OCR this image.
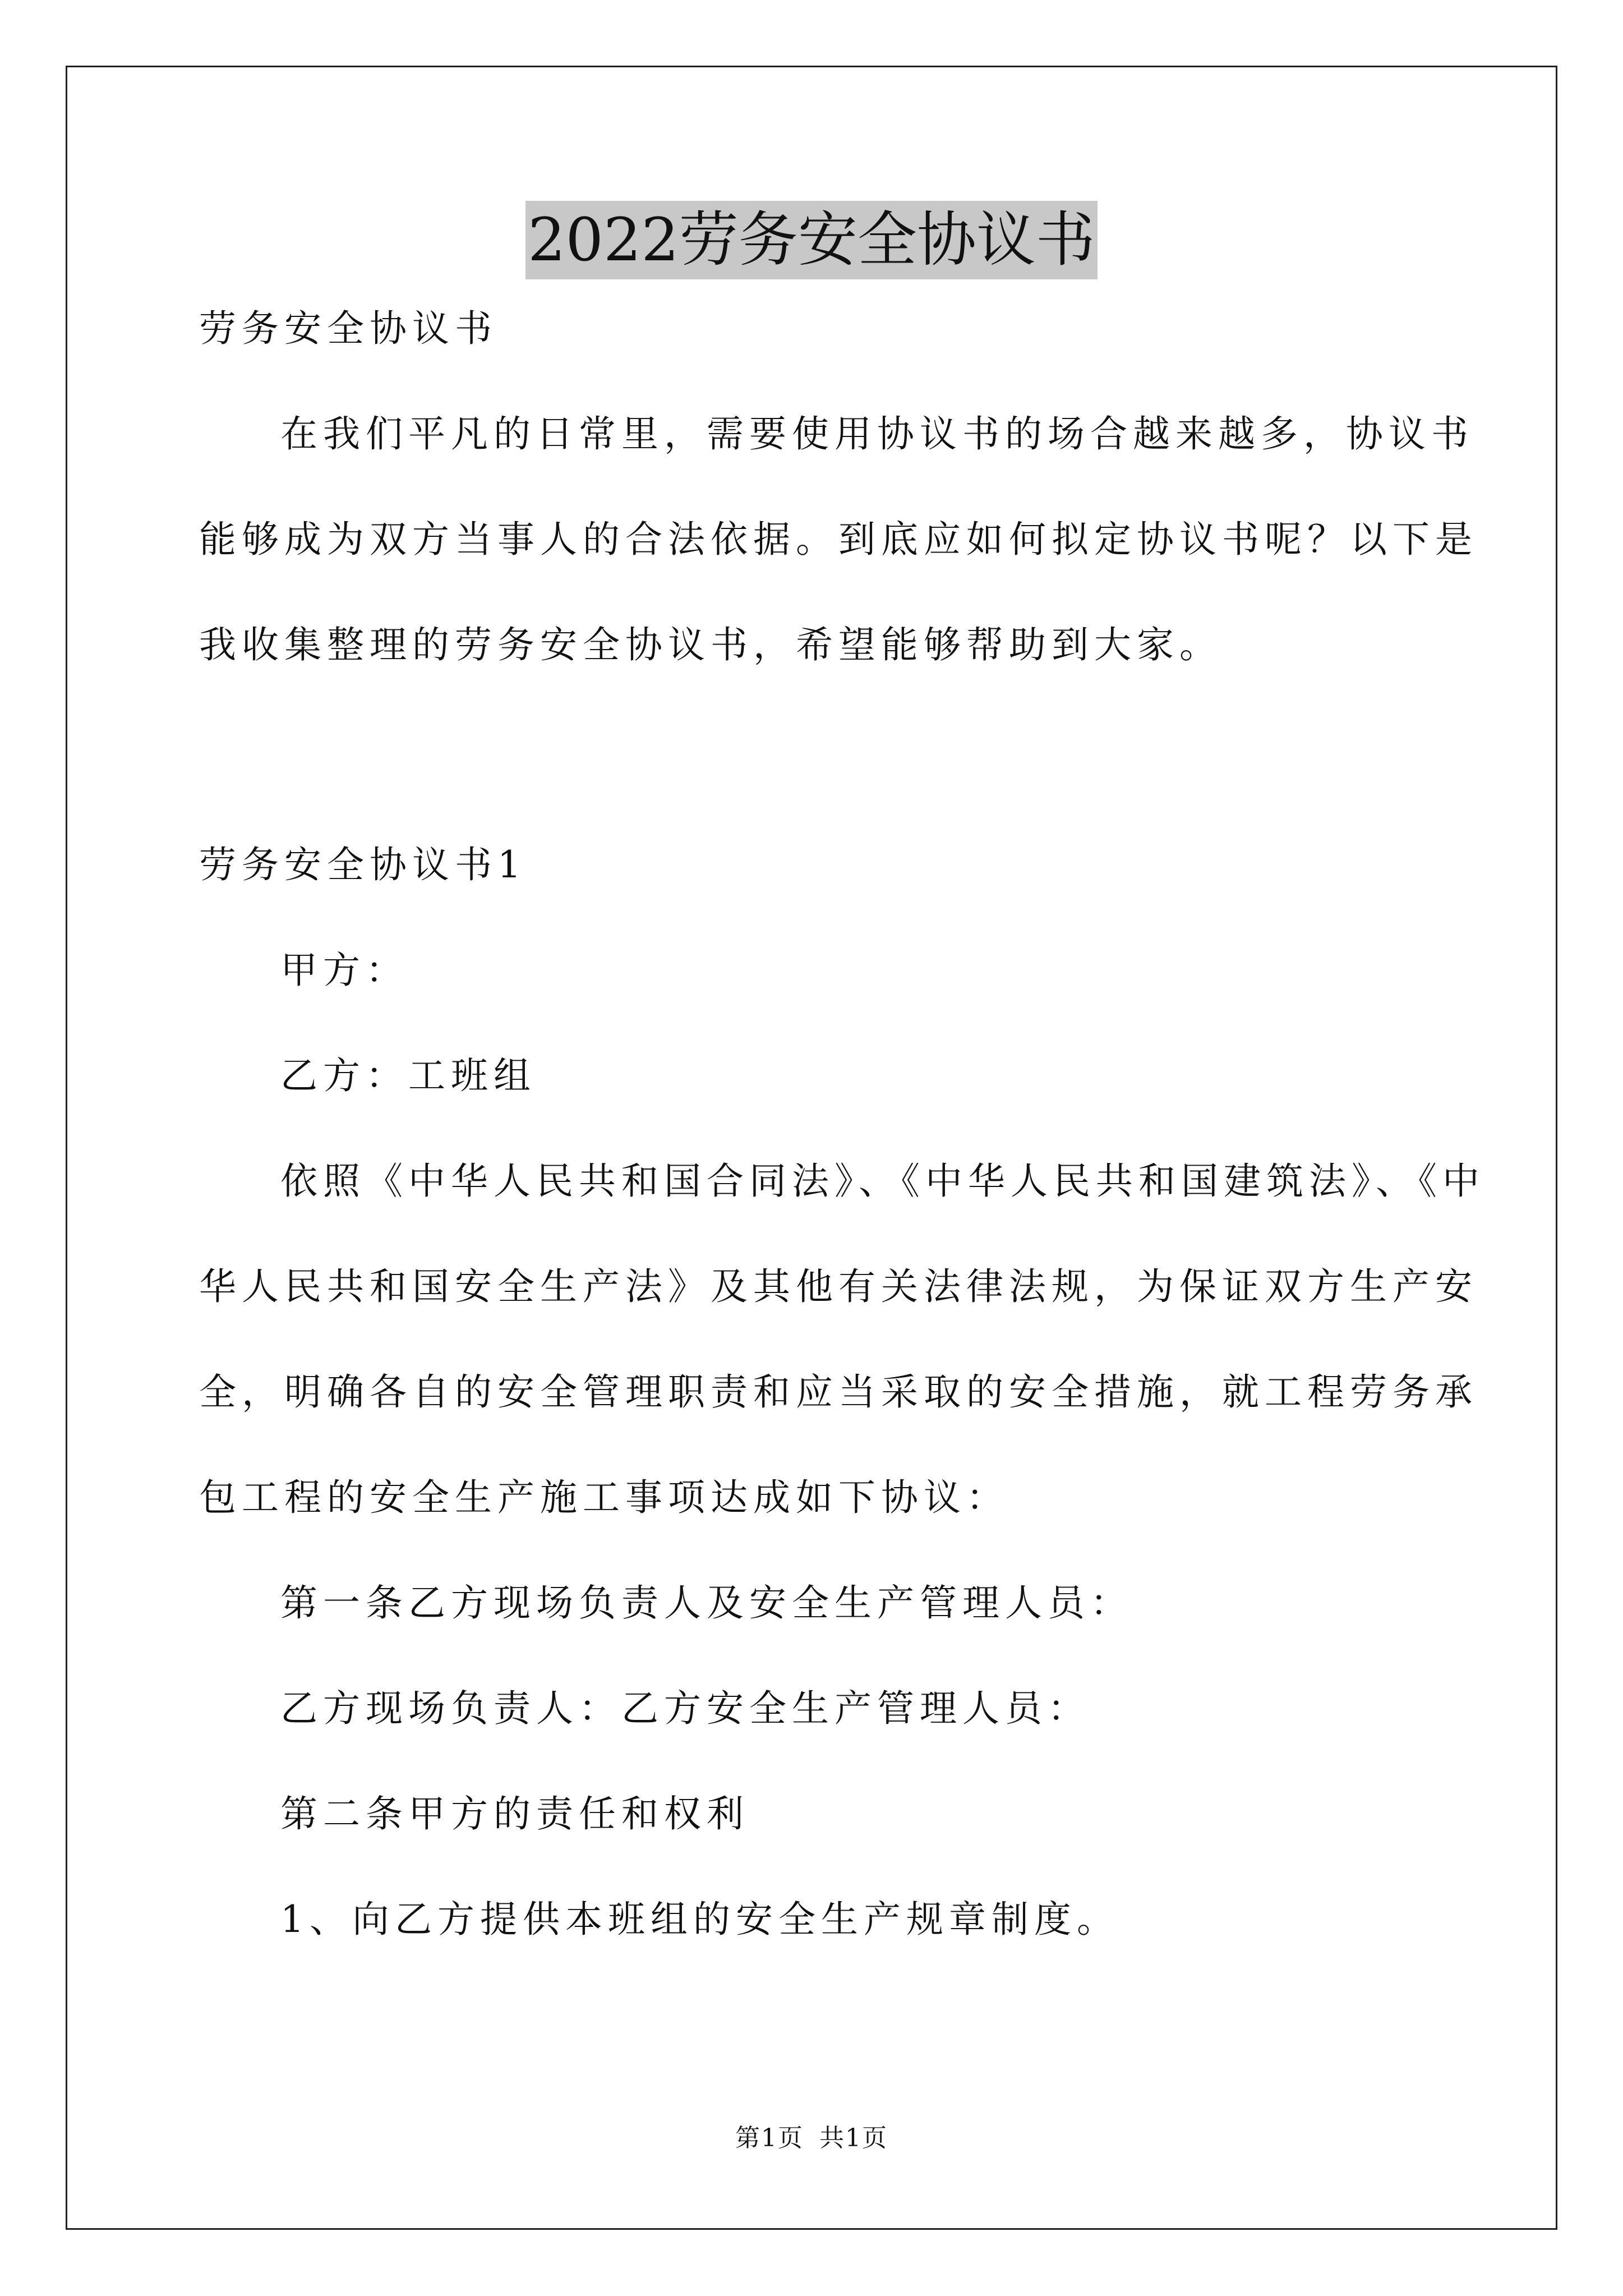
2022劳务安全协议书
劳务安全协议书
在我们平凡的日常里，需要使用协议书的场合越来越多，协议书
能够成为双方当事人的合法依据。到底应如何拟定协议书呢？以下是
我收集整理的劳务安全协议书，希望能够帮助到大家。
劳务安全协议书1
甲方：
乙方：工班组
依照《中华人民共和国合同法》、《中华人民共和国建筑法》、《中
华人民共和国安全生产法》及其他有关法律法规，为保证双方生产安
全，明确各自的安全管理职责和应当采取的安全措施，就工程劳务承
包工程的安全生产施工事项达成如下协议：
第一条乙方现场负责人及安全生产管理人员：
乙方现场负责人：乙方安全生产管理人员：
第二条甲方的责任和权利
1、向乙方提供本班组的安全生产规章制度。
第1页 共1页
